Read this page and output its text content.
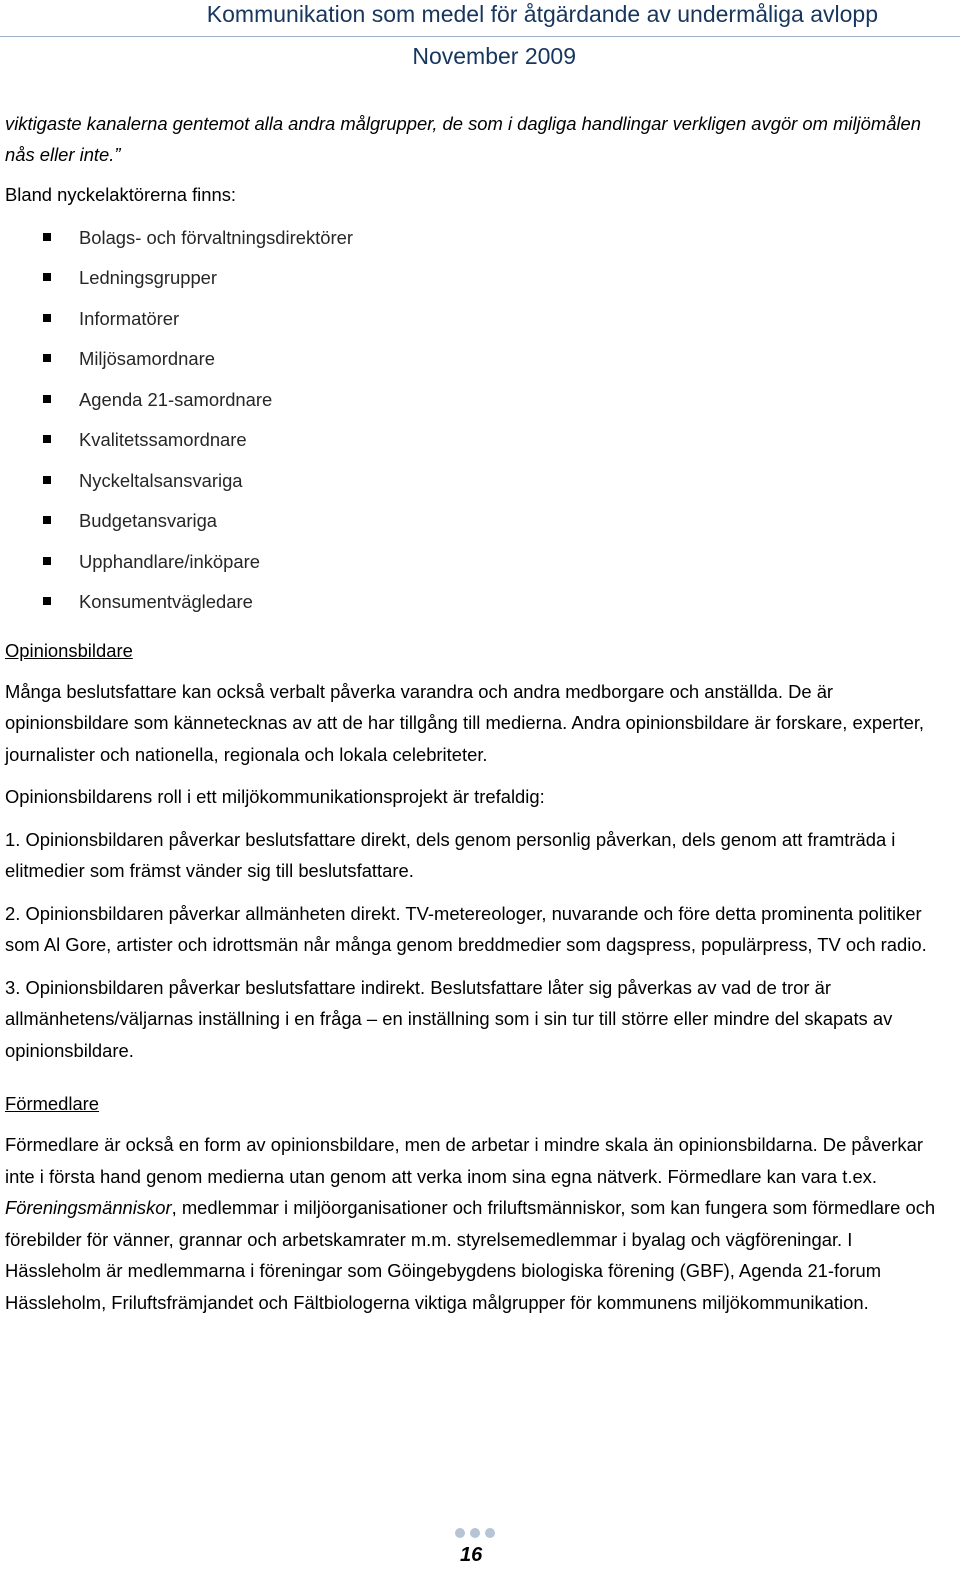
Kommunikation som medel för åtgärdande av undermåliga avlopp
November 2009

viktigaste kanalerna gentemot alla andra målgrupper, de som i dagliga handlingar verkligen avgör om miljömålen nås eller inte.”

Bland nyckelaktörerna finns:

Bolags- och förvaltningsdirektörer
Ledningsgrupper
Informatörer
Miljösamordnare
Agenda 21-samordnare
Kvalitetssamordnare
Nyckeltalsansvariga
Budgetansvariga
Upphandlare/inköpare
Konsumentvägledare

Opinionsbildare

Många beslutsfattare kan också verbalt påverka varandra och andra medborgare och anställda. De är opinionsbildare som kännetecknas av att de har tillgång till medierna. Andra opinionsbildare är forskare, experter, journalister och nationella, regionala och lokala celebriteter.

Opinionsbildarens roll i ett miljökommunikationsprojekt är trefaldig:

1. Opinionsbildaren påverkar beslutsfattare direkt, dels genom personlig påverkan, dels genom att framträda i elitmedier som främst vänder sig till beslutsfattare.

2. Opinionsbildaren påverkar allmänheten direkt. TV-metereologer, nuvarande och före detta prominenta politiker som Al Gore, artister och idrottsmän når många genom breddmedier som dagspress, populärpress, TV och radio.

3. Opinionsbildaren påverkar beslutsfattare indirekt. Beslutsfattare låter sig påverkas av vad de tror är allmänhetens/väljarnas inställning i en fråga – en inställning som i sin tur till större eller mindre del skapats av opinionsbildare.

Förmedlare

Förmedlare är också en form av opinionsbildare, men de arbetar i mindre skala än opinionsbildarna. De påverkar inte i första hand genom medierna utan genom att verka inom sina egna nätverk. Förmedlare kan vara t.ex. Föreningsmänniskor, medlemmar i miljöorganisationer och friluftsmänniskor, som kan fungera som förmedlare och förebilder för vänner, grannar och arbetskamrater m.m. styrelsemedlemmar i byalag och vägföreningar. I Hässleholm är medlemmarna i föreningar som Göingebygdens biologiska förening (GBF), Agenda 21-forum Hässleholm, Friluftsfrämjandet och Fältbiologerna viktiga målgrupper för kommunens miljökommunikation.

16
